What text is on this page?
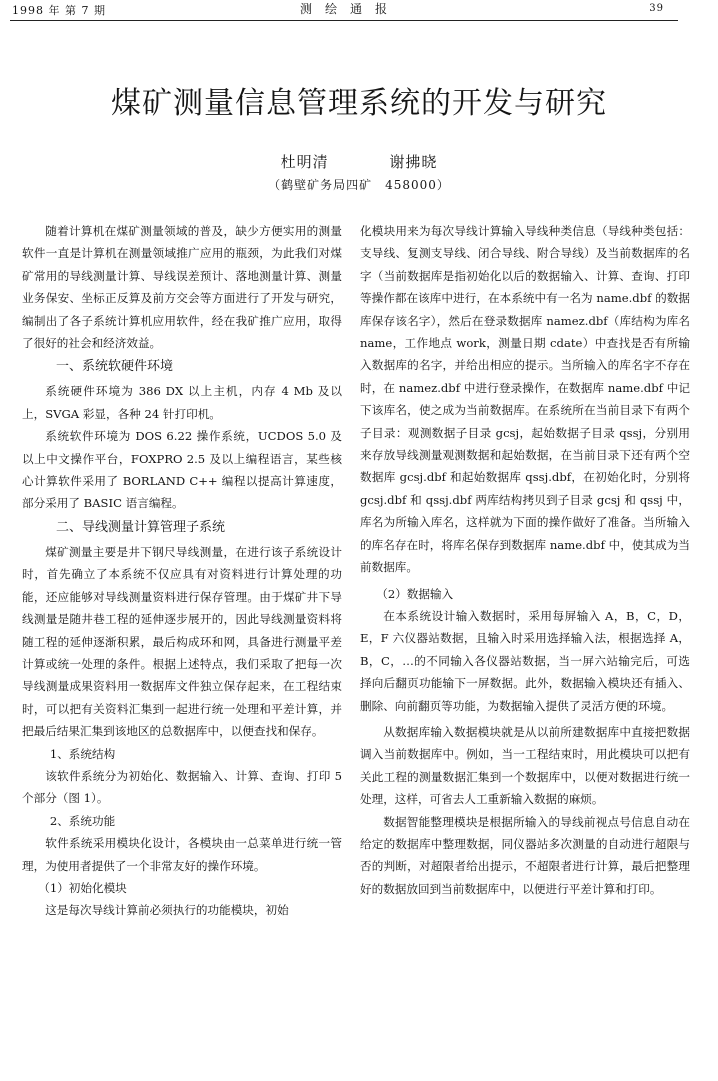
1998 年 第 7 期	测绘通报	39
煤矿测量信息管理系统的开发与研究
杜明清	谢拂晓
（鹤壁矿务局四矿　458000）

随着计算机在煤矿测量领域的普及，缺少方便实用的测量软件一直是计算机在测量领域推广应用的瓶颈，为此我们对煤矿常用的导线测量计算、导线误差预计、落地测量计算、测量业务保安、坐标正反算及前方交会等方面进行了开发与研究，编制出了各子系统计算机应用软件，经在我矿推广应用，取得了很好的社会和经济效益。

一、系统软硬件环境

系统硬件环境为 386 DX 以上主机，内存 4 Mb 及以上，SVGA 彩显，各种 24 针打印机。

系统软件环境为 DOS 6.22 操作系统，UCDOS 5.0 及以上中文操作平台，FOXPRO 2.5 及以上编程语言，某些核心计算软件采用了 BORLAND C++ 编程以提高计算速度，部分采用了 BASIC 语言编程。

二、导线测量计算管理子系统

煤矿测量主要是井下钢尺导线测量，在进行该子系统设计时，首先确立了本系统不仅应具有对资料进行计算处理的功能，还应能够对导线测量资料进行保存管理。由于煤矿井下导线测量是随井巷工程的延伸逐步展开的，因此导线测量资料将随工程的延伸逐渐积累，最后构成环和网，具备进行测量平差计算或统一处理的条件。根据上述特点，我们采取了把每一次导线测量成果资料用一数据库文件独立保存起来，在工程结束时，可以把有关资料汇集到一起进行统一处理和平差计算，并把最后结果汇集到该地区的总数据库中，以便查找和保存。

1、系统结构

该软件系统分为初始化、数据输入、计算、查询、打印 5 个部分（图 1）。

2、系统功能

软件系统采用模块化设计，各模块由一总菜单进行统一管理，为使用者提供了一个非常友好的操作环境。

（1）初始化模块

这是每次导线计算前必须执行的功能模块，初始

化模块用来为每次导线计算输入导线种类信息（导线种类包括：支导线、复测支导线、闭合导线、附合导线）及当前数据库的名字（当前数据库是指初始化以后的数据输入、计算、查询、打印等操作都在该库中进行，在本系统中有一名为 name.dbf 的数据库保存该名字），然后在登录数据库 namez.dbf（库结构为库名 name，工作地点 work，测量日期 cdate）中查找是否有所输入数据库的名字，并给出相应的提示。当所输入的库名字不存在时，在 namez.dbf 中进行登录操作，在数据库 name.dbf 中记下该库名，使之成为当前数据库。在系统所在当前目录下有两个子目录：观测数据子目录 gcsj，起始数据子目录 qssj，分别用来存放导线测量观测数据和起始数据，在当前目录下还有两个空数据库 gcsj.dbf 和起始数据库 qssj.dbf，在初始化时，分别将 gcsj.dbf 和 qssj.dbf 两库结构拷贝到子目录 gcsj 和 qssj 中，库名为所输入库名，这样就为下面的操作做好了准备。当所输入的库名存在时，将库名保存到数据库 name.dbf 中，使其成为当前数据库。

（2）数据输入

在本系统设计输入数据时，采用每屏输入 A，B，C，D，E，F 六仪器站数据，且输入时采用选择输入法，根据选择 A，B，C，…的不同输入各仪器站数据，当一屏六站输完后，可选择向后翻页功能输下一屏数据。此外，数据输入模块还有插入、删除、向前翻页等功能，为数据输入提供了灵活方便的环境。

从数据库输入数据模块就是从以前所建数据库中直接把数据调入当前数据库中。例如，当一工程结束时，用此模块可以把有关此工程的测量数据汇集到一个数据库中，以便对数据进行统一处理，这样，可省去人工重新输入数据的麻烦。

数据智能整理模块是根据所输入的导线前视点号信息自动在给定的数据库中整理数据，同仪器站多次测量的自动进行超限与否的判断，对超限者给出提示，不超限者进行计算，最后把整理好的数据放回到当前数据库中，以便进行平差计算和打印。
